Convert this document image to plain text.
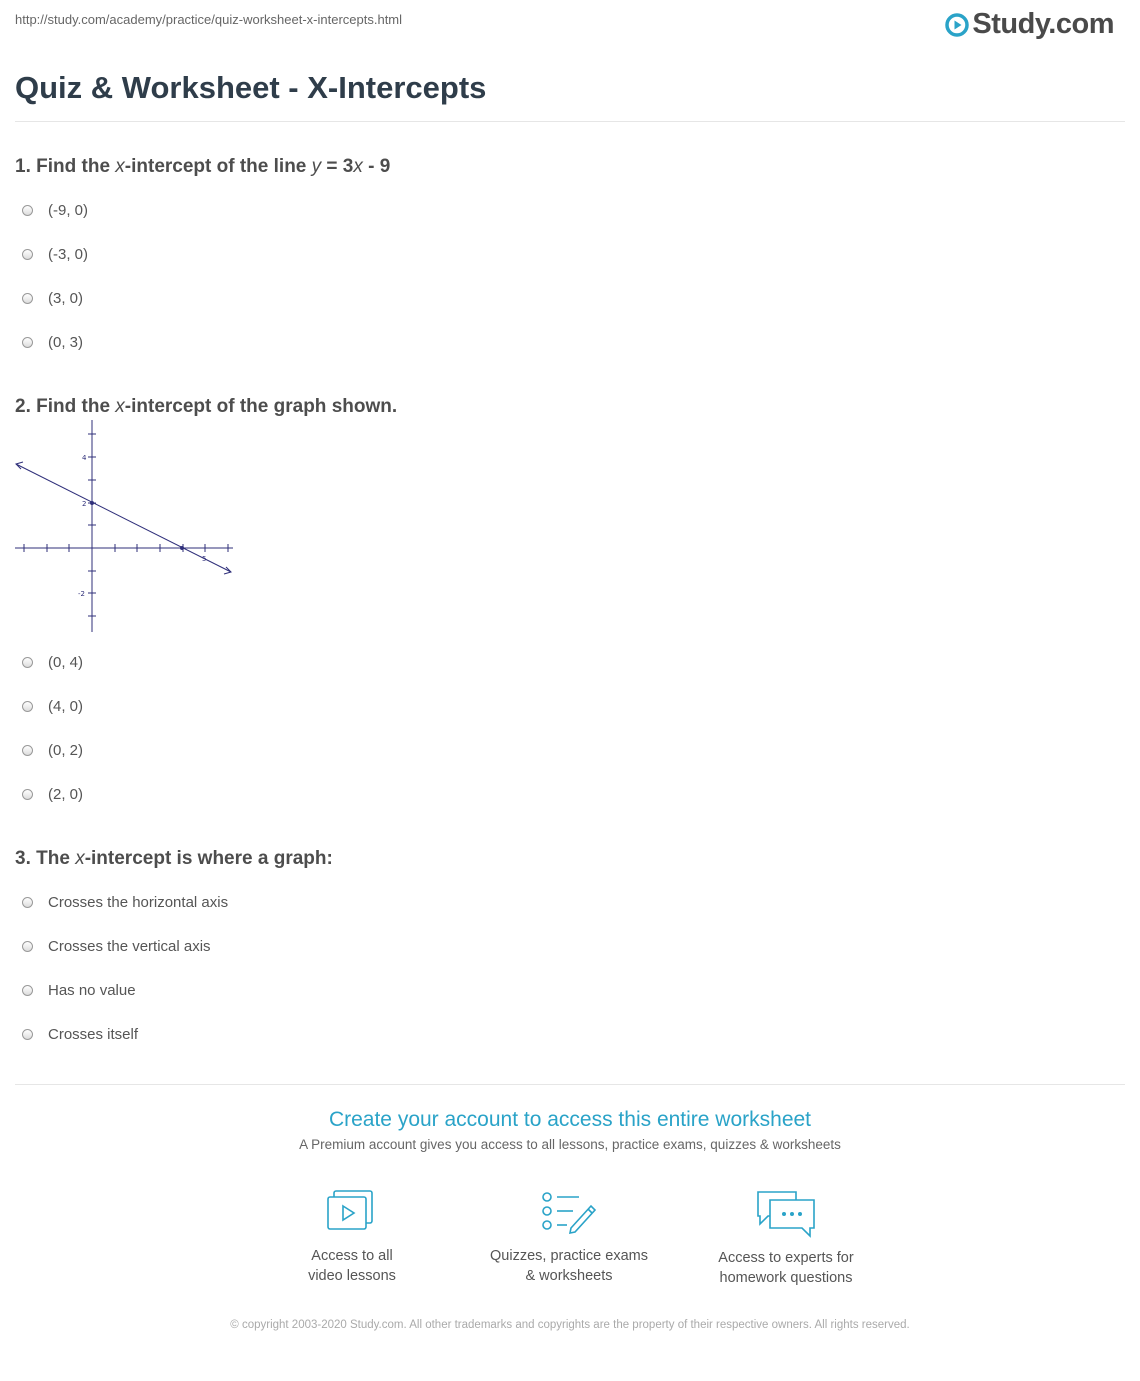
http://study.com/academy/practice/quiz-worksheet-x-intercepts.html	Study.com
Quiz & Worksheet - X-Intercepts
1. Find the x-intercept of the line y = 3x - 9
(-9, 0)
(-3, 0)
(3, 0)
(0, 3)
2. Find the x-intercept of the graph shown.
4
2
-2
5
(0, 4)
(4, 0)
(0, 2)
(2, 0)
3. The x-intercept is where a graph:
Crosses the horizontal axis
Crosses the vertical axis
Has no value
Crosses itself
Create your account to access this entire worksheet
A Premium account gives you access to all lessons, practice exams, quizzes & worksheets
Access to all
video lessons
Quizzes, practice exams
& worksheets
Access to experts for
homework questions
© copyright 2003-2020 Study.com. All other trademarks and copyrights are the property of their respective owners. All rights reserved.
